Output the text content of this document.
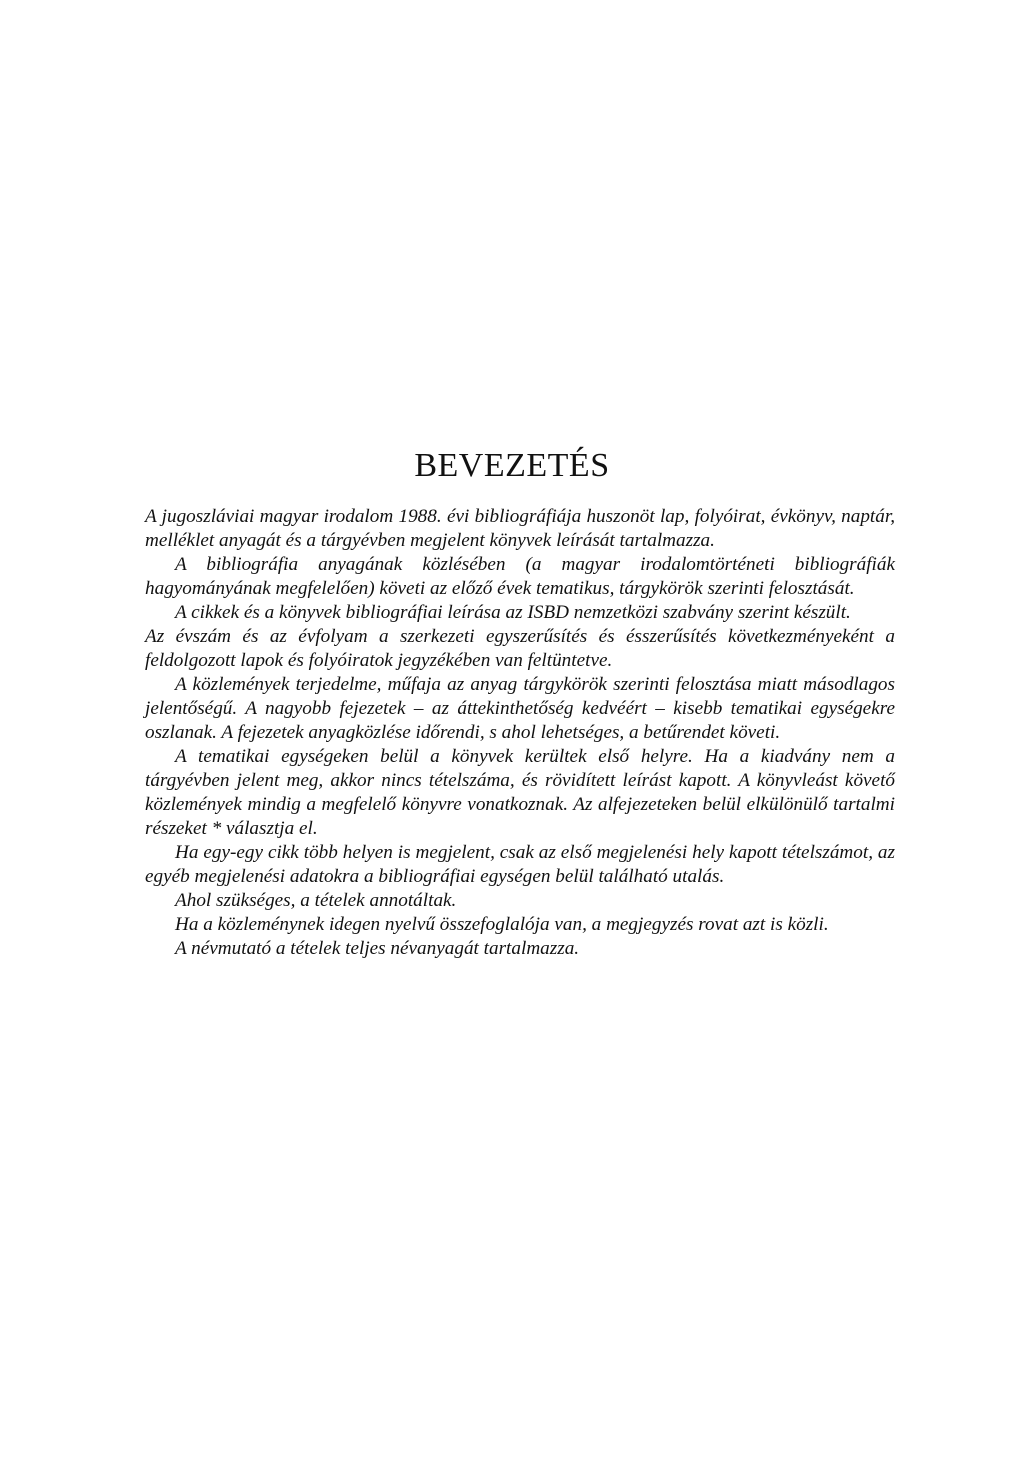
BEVEZETÉS

A jugoszláviai magyar irodalom 1988. évi bibliográfiája huszonöt lap, folyóirat, évkönyv, naptár, melléklet anyagát és a tárgyévben megjelent könyvek leírását tartalmazza.

A bibliográfia anyagának közlésében (a magyar irodalomtörténeti bibliográfiák hagyományának megfelelően) követi az előző évek tematikus, tárgykörök szerinti felosztását.

A cikkek és a könyvek bibliográfiai leírása az ISBD nemzetközi szabvány szerint készült.

Az évszám és az évfolyam a szerkezeti egyszerűsítés és ésszerűsítés következményeként a feldolgozott lapok és folyóiratok jegyzékében van feltüntetve.

A közlemények terjedelme, műfaja az anyag tárgykörök szerinti felosztása miatt másodlagos jelentőségű. A nagyobb fejezetek – az áttekinthetőség kedvéért – kisebb tematikai egységekre oszlanak. A fejezetek anyagközlése időrendi, s ahol lehetséges, a betűrendet követi.

A tematikai egységeken belül a könyvek kerültek első helyre. Ha a kiadvány nem a tárgyévben jelent meg, akkor nincs tételszáma, és rövidített leírást kapott. A könyvleást követő közlemények mindig a megfelelő könyvre vonatkoznak. Az alfejezeteken belül elkülönülő tartalmi részeket * választja el.

Ha egy-egy cikk több helyen is megjelent, csak az első megjelenési hely kapott tételszámot, az egyéb megjelenési adatokra a bibliográfiai egységen belül található utalás.

Ahol szükséges, a tételek annotáltak.

Ha a közleménynek idegen nyelvű összefoglalója van, a megjegyzés rovat azt is közli.

A névmutató a tételek teljes névanyagát tartalmazza.
